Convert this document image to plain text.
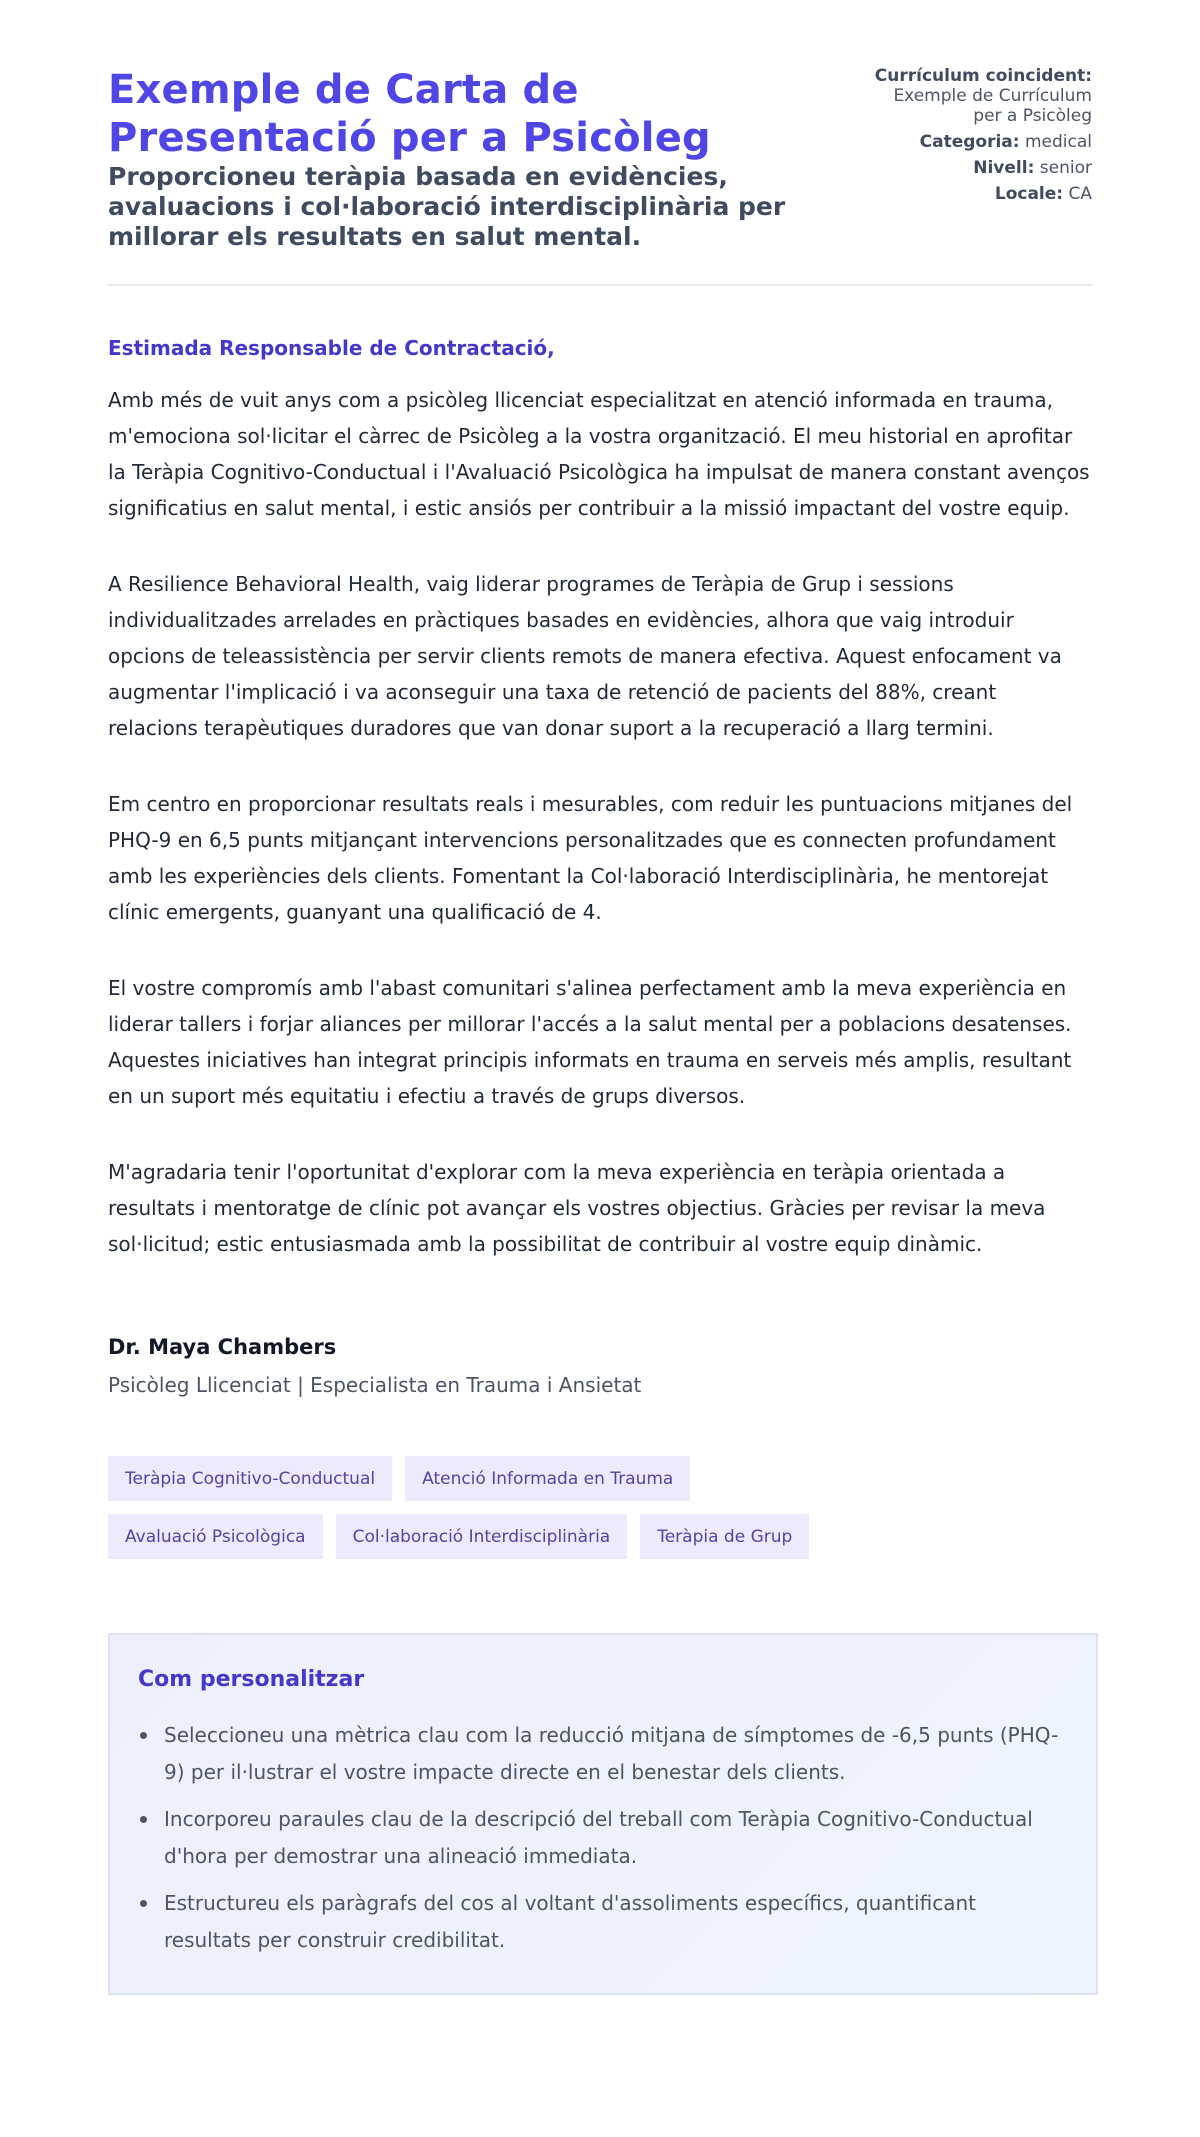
Exemple de Carta de Presentació per a Psicòleg
Proporcioneu teràpia basada en evidències, avaluacions i col·laboració interdisciplinària per millorar els resultats en salut mental.
Currículum coincident: Exemple de Currículum per a Psicòleg
Categoria: medical
Nivell: senior
Locale: CA

Estimada Responsable de Contractació,

Amb més de vuit anys com a psicòleg llicenciat especialitzat en atenció informada en trauma, m'emociona sol·licitar el càrrec de Psicòleg a la vostra organització. El meu historial en aprofitar la Teràpia Cognitivo-Conductual i l'Avaluació Psicològica ha impulsat de manera constant avenços significatius en salut mental, i estic ansiós per contribuir a la missió impactant del vostre equip.

A Resilience Behavioral Health, vaig liderar programes de Teràpia de Grup i sessions individualitzades arrelades en pràctiques basades en evidències, alhora que vaig introduir opcions de teleassistència per servir clients remots de manera efectiva. Aquest enfocament va augmentar l'implicació i va aconseguir una taxa de retenció de pacients del 88%, creant relacions terapèutiques duradores que van donar suport a la recuperació a llarg termini.

Em centro en proporcionar resultats reals i mesurables, com reduir les puntuacions mitjanes del PHQ-9 en 6,5 punts mitjançant intervencions personalitzades que es connecten profundament amb les experiències dels clients. Fomentant la Col·laboració Interdisciplinària, he mentorejat clínic emergents, guanyant una qualificació de 4.

El vostre compromís amb l'abast comunitari s'alinea perfectament amb la meva experiència en liderar tallers i forjar aliances per millorar l'accés a la salut mental per a poblacions desatenses. Aquestes iniciatives han integrat principis informats en trauma en serveis més amplis, resultant en un suport més equitatiu i efectiu a través de grups diversos.

M'agradaria tenir l'oportunitat d'explorar com la meva experiència en teràpia orientada a resultats i mentoratge de clínic pot avançar els vostres objectius. Gràcies per revisar la meva sol·licitud; estic entusiasmada amb la possibilitat de contribuir al vostre equip dinàmic.

Dr. Maya Chambers
Psicòleg Llicenciat | Especialista en Trauma i Ansietat
Teràpia Cognitivo-Conductual	Atenció Informada en Trauma
Avaluació Psicològica	Col·laboració Interdisciplinària	Teràpia de Grup
Com personalitzar
Seleccioneu una mètrica clau com la reducció mitjana de símptomes de -6,5 punts (PHQ-9) per il·lustrar el vostre impacte directe en el benestar dels clients.
Incorporeu paraules clau de la descripció del treball com Teràpia Cognitivo-Conductual d'hora per demostrar una alineació immediata.
Estructureu els paràgrafs del cos al voltant d'assoliments específics, quantificant resultats per construir credibilitat.
